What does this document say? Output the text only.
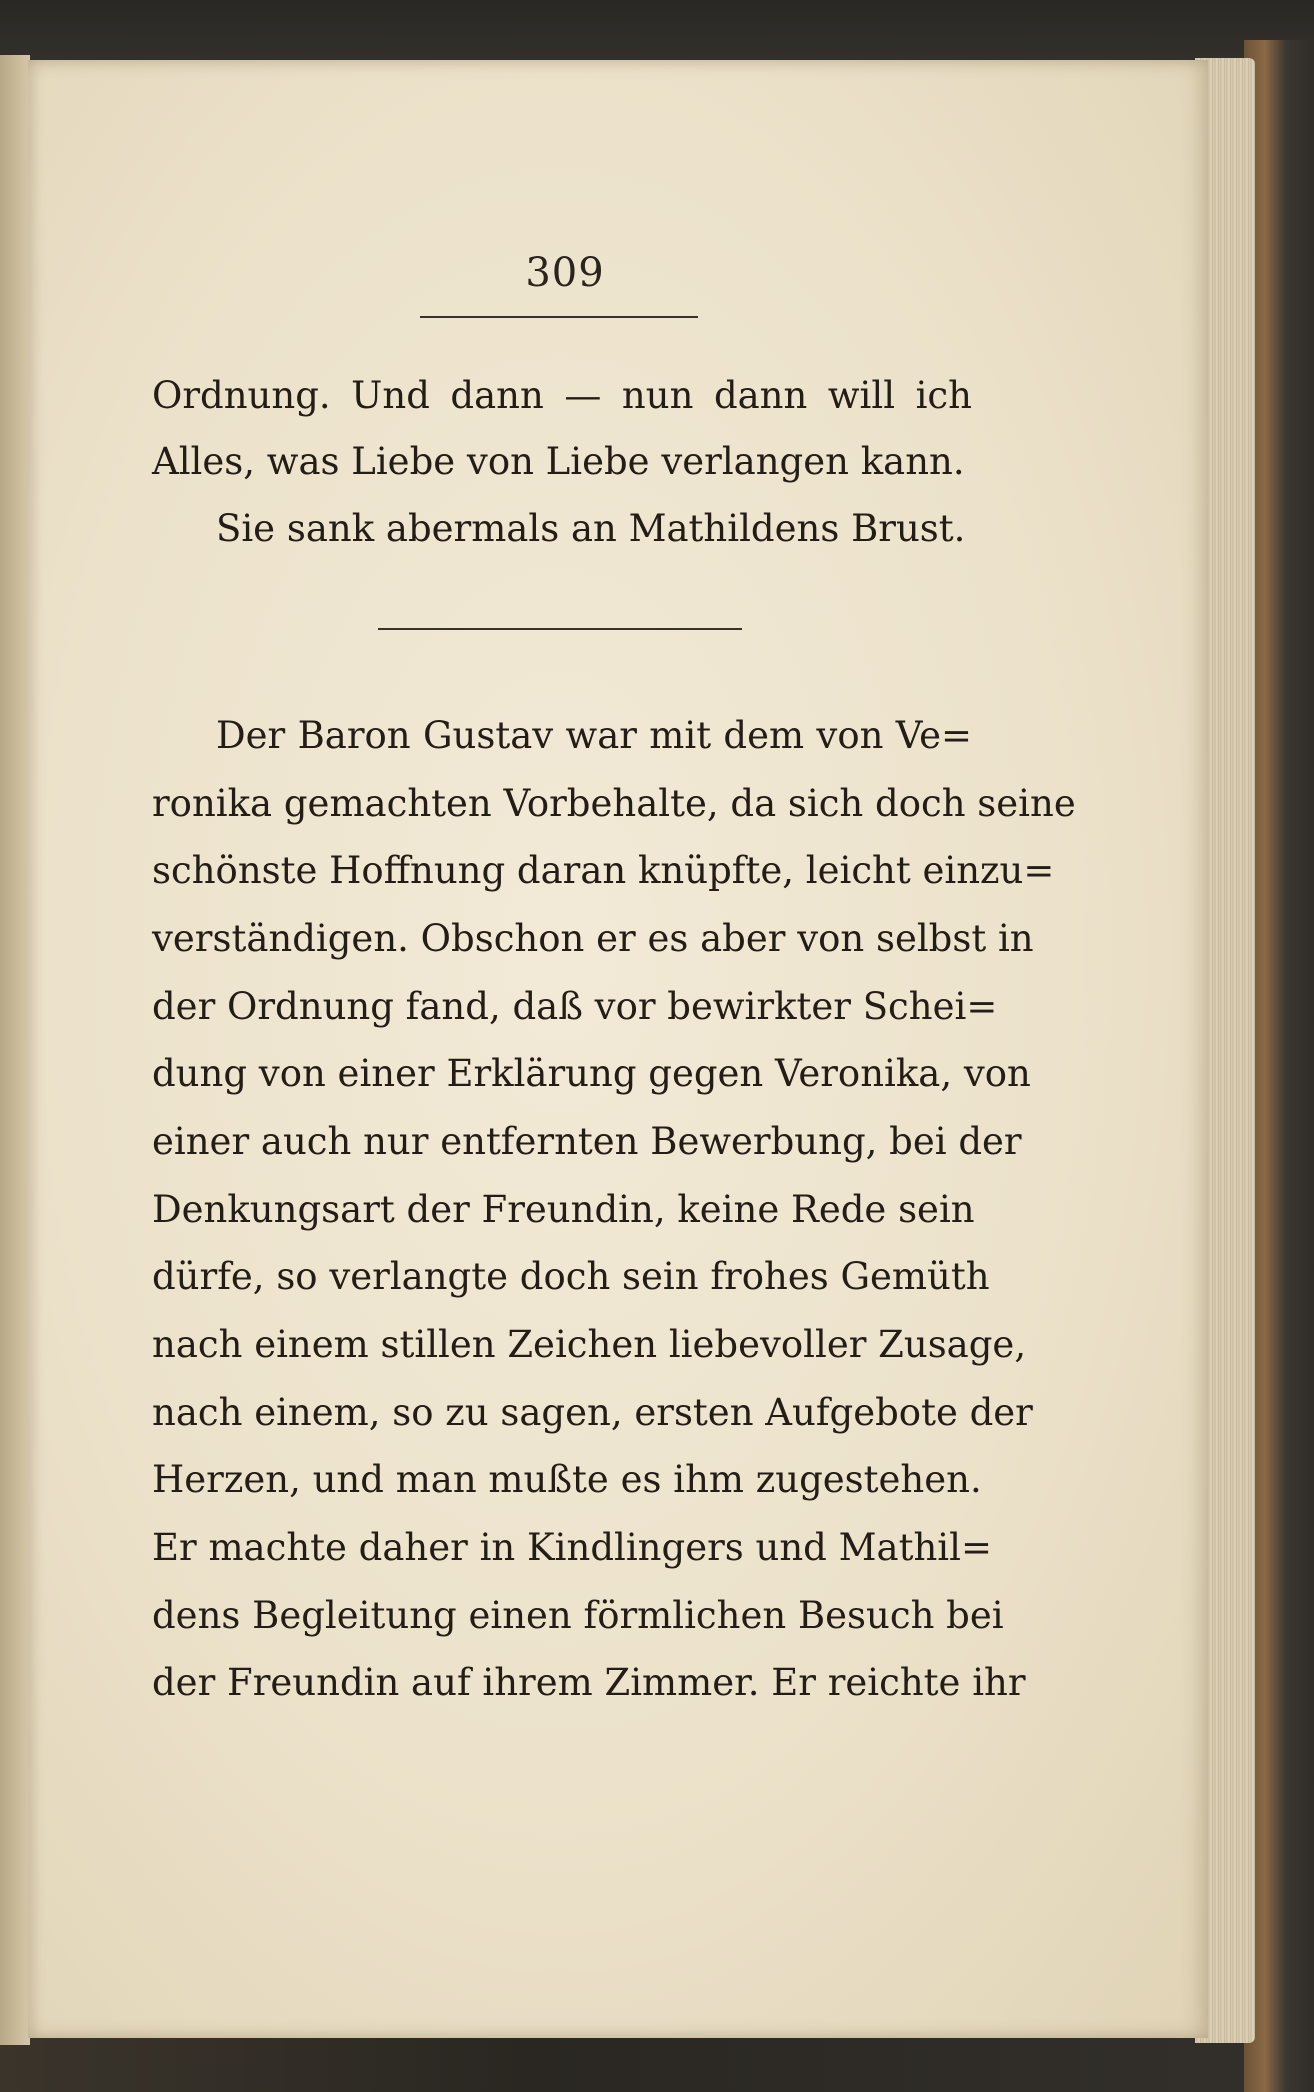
309
Ordnung. Und dann — nun dann will ich
Alles, was Liebe von Liebe verlangen kann.
Sie sank abermals an Mathildens Brust.
Der Baron Gustav war mit dem von Ve=
ronika gemachten Vorbehalte, da sich doch seine
schönste Hoffnung daran knüpfte, leicht einzu=
verständigen. Obschon er es aber von selbst in
der Ordnung fand, daß vor bewirkter Schei=
dung von einer Erklärung gegen Veronika, von
einer auch nur entfernten Bewerbung, bei der
Denkungsart der Freundin, keine Rede sein
dürfe, so verlangte doch sein frohes Gemüth
nach einem stillen Zeichen liebevoller Zusage,
nach einem, so zu sagen, ersten Aufgebote der
Herzen, und man mußte es ihm zugestehen.
Er machte daher in Kindlingers und Mathil=
dens Begleitung einen förmlichen Besuch bei
der Freundin auf ihrem Zimmer. Er reichte ihr
